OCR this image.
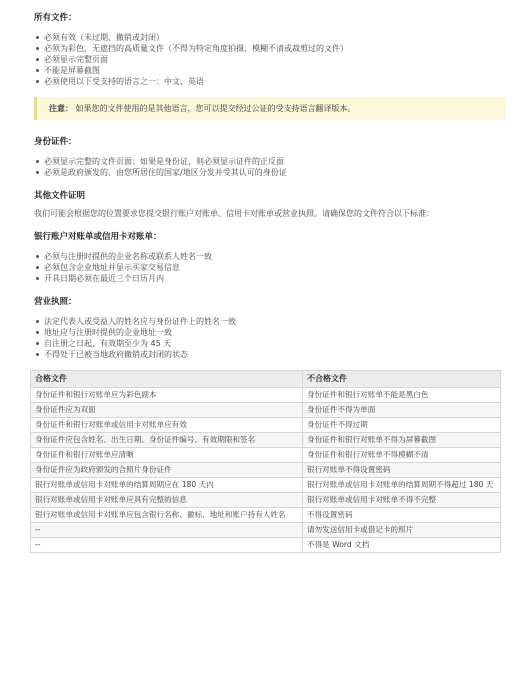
所有文件：
必须有效（未过期、撤销或封闭）
必须为彩色、无遮挡的高质量文件（不得为特定角度拍摄、模糊不清或裁剪过的文件）
必须显示完整页面
不能是屏幕截图
必须使用以下受支持的语言之一：中文、英语
注意： 如果您的文件使用的是其他语言，您可以提交经过公证的受支持语言翻译版本。
身份证件：
必须显示完整的文件页面；如果是身份证，则必须显示证件的正反面
必须是政府颁发的、由您所居住的国家/地区分发并受其认可的身份证
其他文件证明

我们可能会根据您的位置要求您提交银行账户对账单、信用卡对账单或营业执照。请确保您的文件符合以下标准：

银行账户对账单或信用卡对账单：
必须与注册时提供的企业名称或联系人姓名一致
必须包含企业地址并显示买家交易信息
开具日期必须在最近三个日历月内
营业执照：
法定代表人或受益人的姓名应与身份证件上的姓名一致
地址应与注册时提供的企业地址一致
自注册之日起，有效期至少为 45 天
不得处于已被当地政府撤销或封闭的状态
合格文件	不合格文件
身份证件和银行对账单应为彩色副本	身份证件和银行对账单不能是黑白色
身份证件应为双面	身份证件不得为单面
身份证件和银行对账单或信用卡对账单应有效	身份证件不得过期
身份证件应包含姓名、出生日期、身份证件编号、有效期限和签名	身份证件和银行对账单不得为屏幕截图
身份证件和银行对账单应清晰	身份证件和银行对账单不得模糊不清
身份证件应为政府颁发的合照片身份证件	银行对账单不得设置密码
银行对账单或信用卡对账单的结算周期应在 180 天内	银行对账单或信用卡对账单的结算周期不得超过 180 天
银行对账单或信用卡对账单应具有完整的信息	银行对账单或信用卡对账单不得不完整
银行对账单或信用卡对账单应包含银行名称、徽标、地址和账户持有人姓名	不得设置密码
--	请勿发送信用卡或借记卡的照片
--	不得是 Word 文档
